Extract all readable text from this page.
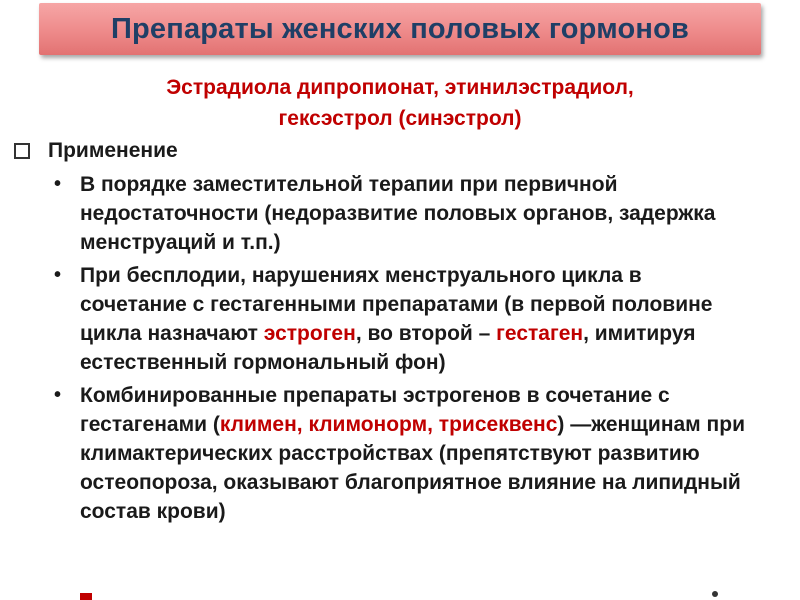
Препараты женских половых гормонов
Эстрадиола дипропионат, этинилэстрадиол,
гексэстрол (синэстрол)
Применение
• В порядке заместительной терапии при первичной недостаточности (недоразвитие половых органов, задержка менструаций и т.п.)
• При бесплодии, нарушениях менструального цикла в сочетание с гестагенными препаратами (в первой половине цикла назначают эстроген, во второй – гестаген, имитируя естественный гормональный фон)
• Комбинированные препараты эстрогенов в сочетание с гестагенами (климен, климонорм, трисеквенс) —женщинам при климактерических расстройствах (препятствуют развитию остеопороза, оказывают благоприятное влияние на липидный состав крови)
